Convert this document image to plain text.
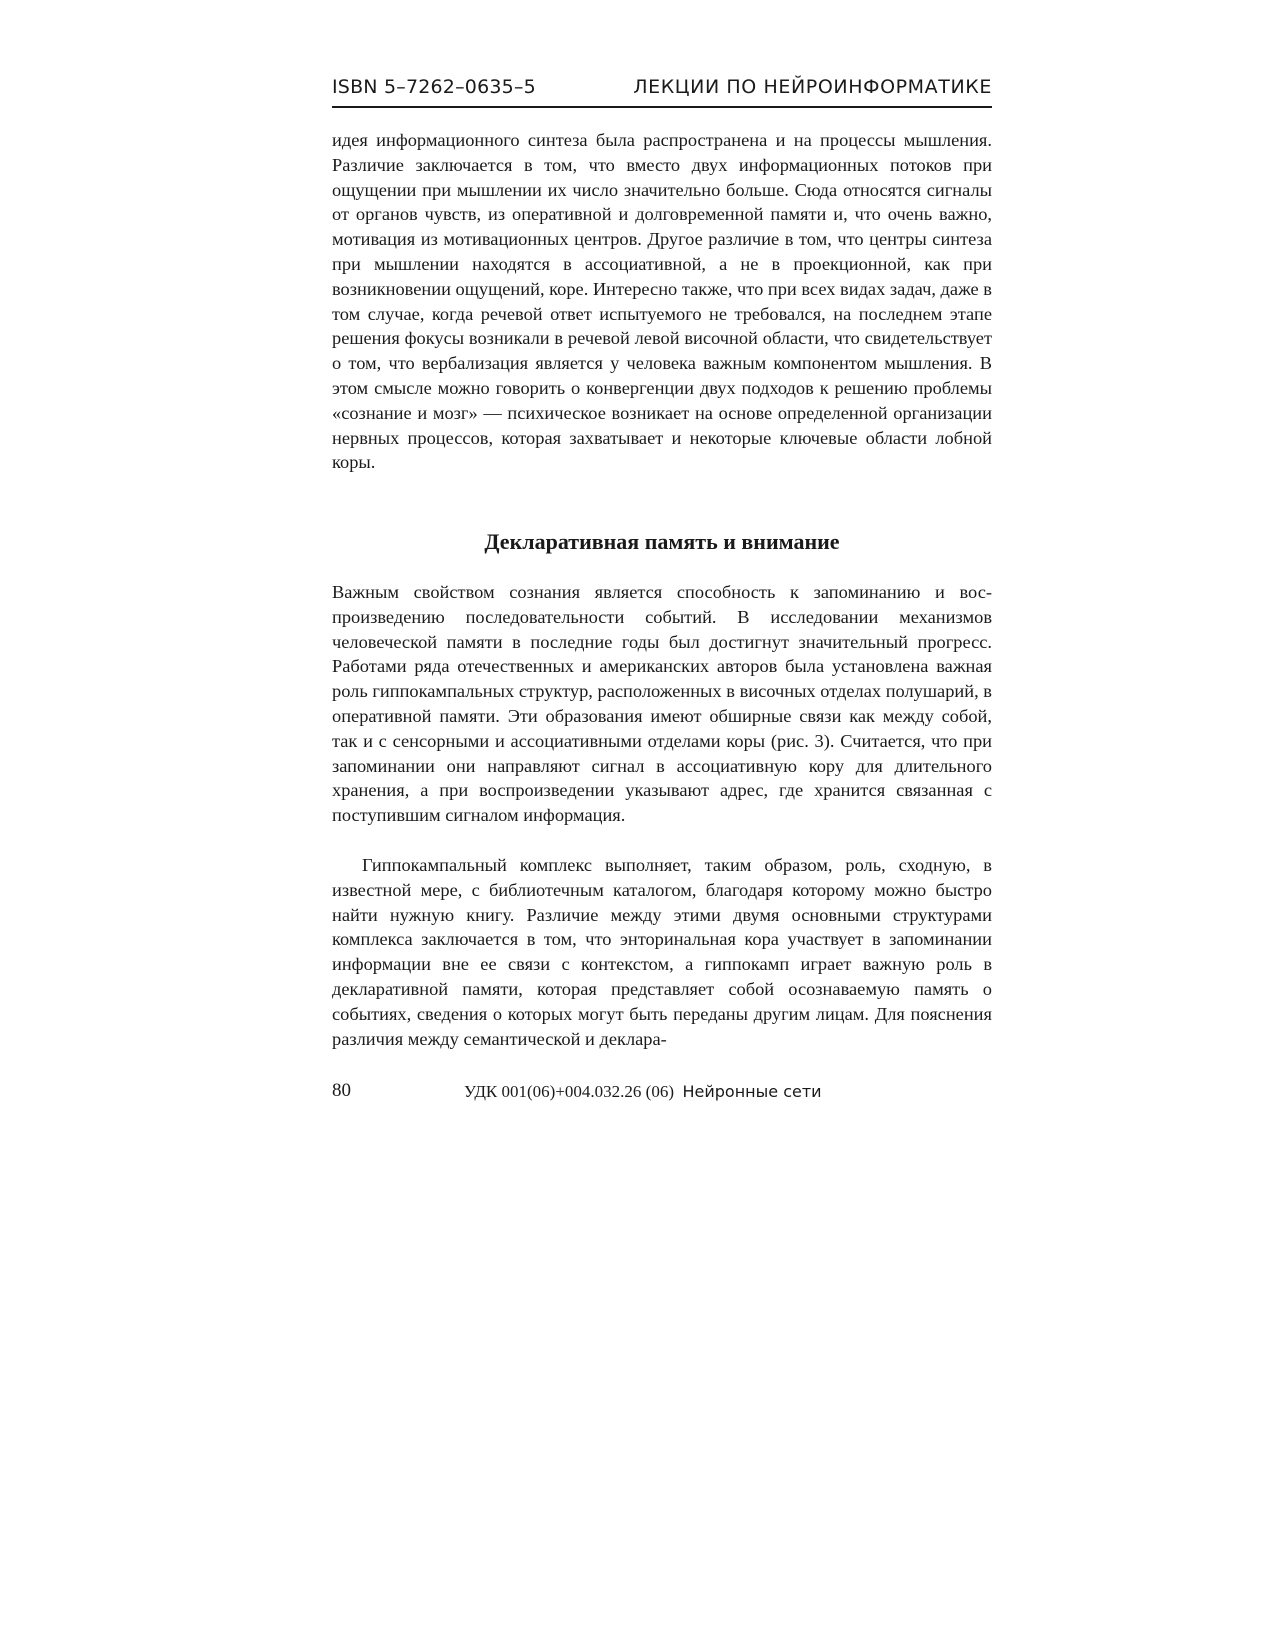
ISBN 5–7262–0635–5	ЛЕКЦИИ ПО НЕЙРОИНФОРМАТИКЕ

идея информационного синтеза была распространена и на процессы мышления. Различие заключается в том, что вместо двух информационных потоков при ощущении при мышлении их число значительно больше. Сюда относятся сигналы от органов чувств, из оперативной и долговременной памяти и, что очень важно, мотивация из мотивационных центров. Другое различие в том, что центры синтеза при мышлении находятся в ассоциативной, а не в проекционной, как при возникновении ощущений, коре. Интересно также, что при всех видах задач, даже в том случае, когда речевой ответ испытуемого не требовался, на последнем этапе решения фокусы возникали в речевой левой височной области, что свидетельствует о том, что вербализация является у человека важным компонентом мышления. В этом смысле можно говорить о конвергенции двух подходов к решению проблемы «сознание и мозг» — психическое возникает на основе определенной организации нервных процессов, которая захватывает и некоторые ключевые области лобной коры.

Декларативная память и внимание

Важным свойством сознания является способность к запоминанию и воспроизведению последовательности событий. В исследовании механизмов человеческой памяти в последние годы был достигнут значительный прогресс. Работами ряда отечественных и американских авторов была установлена важная роль гиппокампальных структур, расположенных в височных отделах полушарий, в оперативной памяти. Эти образования имеют обширные связи как между собой, так и с сенсорными и ассоциативными отделами коры (рис. 3). Считается, что при запоминании они направляют сигнал в ассоциативную кору для длительного хранения, а при воспроизведении указывают адрес, где хранится связанная с поступившим сигналом информация.

Гиппокампальный комплекс выполняет, таким образом, роль, сходную, в известной мере, с библиотечным каталогом, благодаря которому можно быстро найти нужную книгу. Различие между этими двумя основными структурами комплекса заключается в том, что энторинальная кора участвует в запоминании информации вне ее связи с контекстом, а гиппокамп играет важную роль в декларативной памяти, которая представляет собой осознаваемую память о событиях, сведения о которых могут быть переданы другим лицам. Для пояснения различия между семантической и деклара-

80	УДК 001(06)+004.032.26 (06) Нейронные сети
